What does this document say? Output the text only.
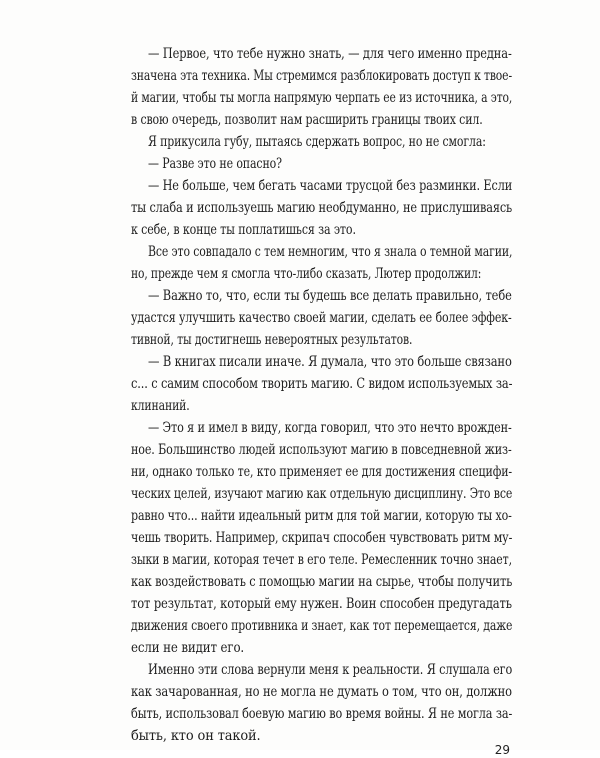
— Первое, что тебе нужно знать, — для чего именно предна-
значена эта техника. Мы стремимся разблокировать доступ к твое-
й магии, чтобы ты могла напрямую черпать ее из источника, а это,
в свою очередь, позволит нам расширить границы твоих сил.
Я прикусила губу, пытаясь сдержать вопрос, но не смогла:
— Разве это не опасно?
— Не больше, чем бегать часами трусцой без разминки. Если
ты слаба и используешь магию необдуманно, не прислушиваясь
к себе, в конце ты поплатишься за это.
Все это совпадало с тем немногим, что я знала о темной магии,
но, прежде чем я смогла что-либо сказать, Лютер продолжил:
— Важно то, что, если ты будешь все делать правильно, тебе
удастся улучшить качество своей магии, сделать ее более эффек-
тивной, ты достигнешь невероятных результатов.
— В книгах писали иначе. Я думала, что это больше связано
с... с самим способом творить магию. С видом используемых за-
клинаний.
— Это я и имел в виду, когда говорил, что это нечто врожден-
ное. Большинство людей используют магию в повседневной жиз-
ни, однако только те, кто применяет ее для достижения специфи-
ческих целей, изучают магию как отдельную дисциплину. Это все
равно что... найти идеальный ритм для той магии, которую ты хо-
чешь творить. Например, скрипач способен чувствовать ритм му-
зыки в магии, которая течет в его теле. Ремесленник точно знает,
как воздействовать с помощью магии на сырье, чтобы получить
тот результат, который ему нужен. Воин способен предугадать
движения своего противника и знает, как тот перемещается, даже
если не видит его.
Именно эти слова вернули меня к реальности. Я слушала его
как зачарованная, но не могла не думать о том, что он, должно
быть, использовал боевую магию во время войны. Я не могла за-
быть, кто он такой.
29
